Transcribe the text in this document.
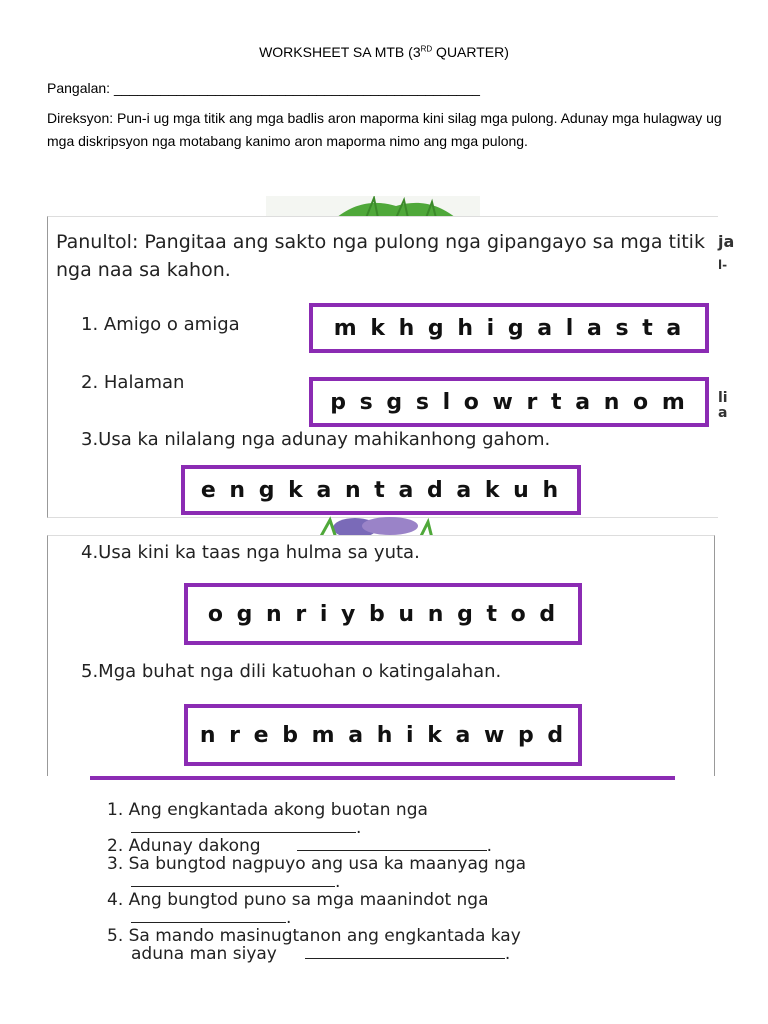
WORKSHEET SA MTB (3RD QUARTER)
Pangalan: _______________________________________________
Direksyon: Pun-i ug mga titik ang mga badlis aron maporma kini silag mga pulong. Adunay mga hulagway ug mga diskripsyon nga motabang kanimo aron maporma nimo ang mga pulong.
Panultol: Pangitaa ang sakto nga pulong nga gipangayo sa mga titik nga naa sa kahon.
1. Amigo o amiga	m k h g h i g a l a s t a
2. Halaman
p s g s l o w r t a n o m
3.Usa ka nilalang nga adunay mahikanhong gahom.
e n g k a n t a d a k u h
ja
l-
li
a
4.Usa kini ka taas nga hulma sa yuta.
o g n r i y b u n g t o d
5.Mga buhat nga dili katuohan o katingalahan.
n r e b m a h i k a w p d
1. Ang engkantada akong buotan nga
.
2. Adunay dakong	.
3. Sa bungtod nagpuyo ang usa ka maanyag nga
.
4. Ang bungtod puno sa mga maanindot nga
.
5. Sa mando masinugtanon ang engkantada kay
aduna man siyay	.
